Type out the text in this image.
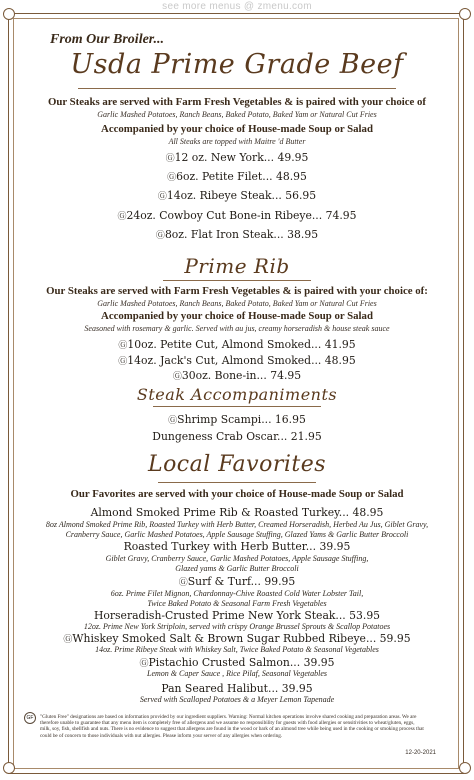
see more menus @ zmenu.com
From Our Broiler...
Usda Prime Grade Beef
Our Steaks are served with Farm Fresh Vegetables & is paired with your choice of
Garlic Mashed Potatoes, Ranch Beans, Baked Potato, Baked Yam or Natural Cut Fries
Accompanied by your choice of House-made Soup or Salad
All Steaks are topped with Maitre 'd Butter
Ⓖ12 oz. New York... 49.95
Ⓖ6oz. Petite Filet... 48.95
Ⓖ14oz. Ribeye Steak... 56.95
Ⓖ24oz. Cowboy Cut Bone-in Ribeye... 74.95
Ⓖ8oz. Flat Iron Steak... 38.95
Prime Rib
Our Steaks are served with Farm Fresh Vegetables & is paired with your choice of:
Garlic Mashed Potatoes, Ranch Beans, Baked Potato, Baked Yam or Natural Cut Fries
Accompanied by your choice of House-made Soup or Salad
Seasoned with rosemary & garlic. Served with au jus, creamy horseradish & house steak sauce
Ⓖ10oz. Petite Cut, Almond Smoked... 41.95
Ⓖ14oz. Jack's Cut, Almond Smoked... 48.95
Ⓖ30oz. Bone-in... 74.95
Steak Accompaniments
ⒼShrimp Scampi... 16.95
Dungeness Crab Oscar... 21.95
Local Favorites
Our Favorites are served with your choice of House-made Soup or Salad
Almond Smoked Prime Rib & Roasted Turkey... 48.95
8oz Almond Smoked Prime Rib, Roasted Turkey with Herb Butter, Creamed Horseradish, Herbed Au Jus, Giblet Gravy,
Cranberry Sauce, Garlic Mashed Potatoes, Apple Sausage Stuffing, Glazed Yams & Garlic Butter Broccoli
Roasted Turkey with Herb Butter... 39.95
Giblet Gravy, Cranberry Sauce, Garlic Mashed Potatoes, Apple Sausage Stuffing,
Glazed yams & Garlic Butter Broccoli
ⒼSurf & Turf... 99.95
6oz. Prime Filet Mignon, Chardonnay-Chive Roasted Cold Water Lobster Tail,
Twice Baked Potato & Seasonal Farm Fresh Vegetables
Horseradish-Crusted Prime New York Steak... 53.95
12oz. Prime New York Striploin, served with crispy Orange Brussel Sprouts & Scallop Potatoes
ⒼWhiskey Smoked Salt & Brown Sugar Rubbed Ribeye... 59.95
14oz. Prime Ribeye Steak with Whiskey Salt, Twice Baked Potato & Seasonal Vegetables
ⒼPistachio Crusted Salmon... 39.95
Lemon & Caper Sauce , Rice Pilaf, Seasonal Vegetables
Pan Seared Halibut... 39.95
Served with Scalloped Potatoes & a Meyer Lemon Tapenade
GF	"Gluten Free" designations are based on information provided by our ingredient suppliers. Warning: Normal kitchen operations involve shared cooking and preparation areas. We are therefore unable to guarantee that any menu item is completely free of allergens and we assume no responsibility for guests with food allergies or sensitivities to wheat/gluten, eggs, milk, soy, fish, shellfish and nuts. There is no evidence to suggest that allergens are found in the wood or bark of an almond tree while being used in the cooking or smoking process that could be of concern to those individuals with nut allergies. Please inform your server of any allergies when ordering.
12-20-2021
